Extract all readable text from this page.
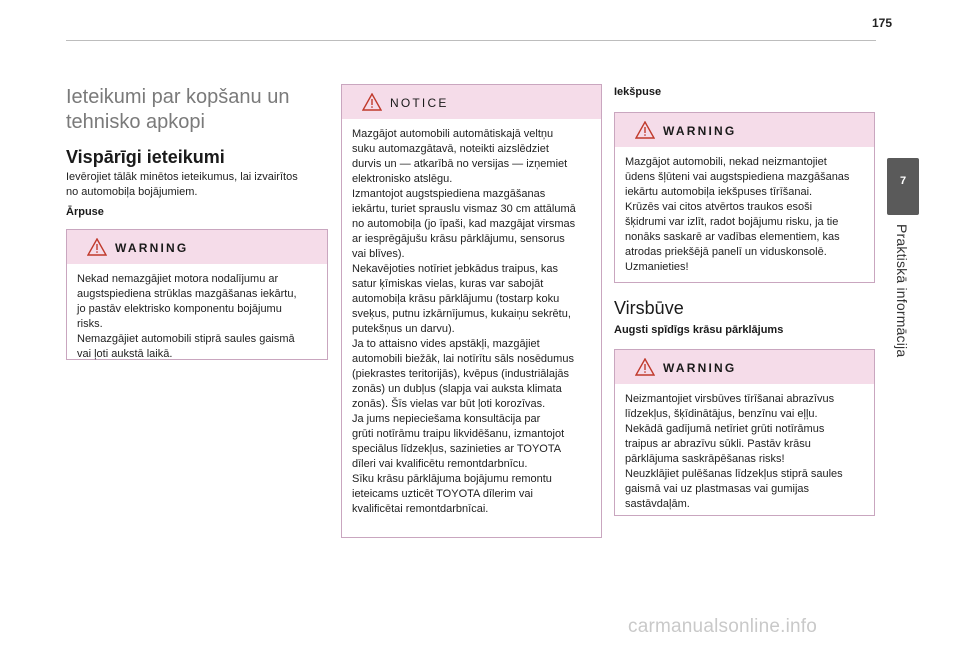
175
7
Praktiskā informācija
Ieteikumi par kopšanu un tehnisko apkopi
Vispārīgi ieteikumi
Ievērojiet tālāk minētos ieteikumus, lai izvairītos
no automobiļa bojājumiem.
Ārpuse
WARNING
Nekad nemazgājiet motora nodalījumu ar
augstspiediena strūklas mazgāšanas iekārtu,
jo pastāv elektrisko komponentu bojājumu
risks.
Nemazgājiet automobili stiprā saules gaismā
vai ļoti aukstā laikā.
NOTICE
Mazgājot automobili automātiskajā veltņu
suku automazgātavā, noteikti aizslēdziet
durvis un — atkarībā no versijas — izņemiet
elektronisko atslēgu.
Izmantojot augstspiediena mazgāšanas
iekārtu, turiet sprauslu vismaz 30 cm attālumā
no automobiļa (jo īpaši, kad mazgājat virsmas
ar iesprēgājušu krāsu pārklājumu, sensorus
vai blīves).
Nekavējoties notīriet jebkādus traipus, kas
satur ķīmiskas vielas, kuras var sabojāt
automobiļa krāsu pārklājumu (tostarp koku
sveķus, putnu izkārnījumus, kukaiņu sekrētu,
putekšņus un darvu).
Ja to attaisno vides apstākļi, mazgājiet
automobili biežāk, lai notīrītu sāls nosēdumus
(piekrastes teritorijās), kvēpus (industriālajās
zonās) un dubļus (slapja vai auksta klimata
zonās). Šīs vielas var būt ļoti korozīvas.
Ja jums nepieciešama konsultācija par
grūti notīrāmu traipu likvidēšanu, izmantojot
speciālus līdzekļus, sazinieties ar TOYOTA
dīleri vai kvalificētu remontdarbnīcu.
Sīku krāsu pārklājuma bojājumu remontu
ieteicams uzticēt TOYOTA dīlerim vai
kvalificētai remontdarbnīcai.
Iekšpuse
WARNING
Mazgājot automobili, nekad neizmantojiet
ūdens šļūteni vai augstspiediena mazgāšanas
iekārtu automobiļa iekšpuses tīrīšanai.
Krūzēs vai citos atvērtos traukos esoši
šķidrumi var izlīt, radot bojājumu risku, ja tie
nonāks saskarē ar vadības elementiem, kas
atrodas priekšējā panelī un viduskonsolē.
Uzmanieties!
Virsbūve
Augsti spīdīgs krāsu pārklājums
WARNING
Neizmantojiet virsbūves tīrīšanai abrazīvus
līdzekļus, šķīdinātājus, benzīnu vai eļļu.
Nekādā gadījumā netīriet grūti notīrāmus
traipus ar abrazīvu sūkli. Pastāv krāsu
pārklājuma saskrāpēšanas risks!
Neuzklājiet pulēšanas līdzekļus stiprā saules
gaismā vai uz plastmasas vai gumijas
sastāvdaļām.
carmanualsonline.info
